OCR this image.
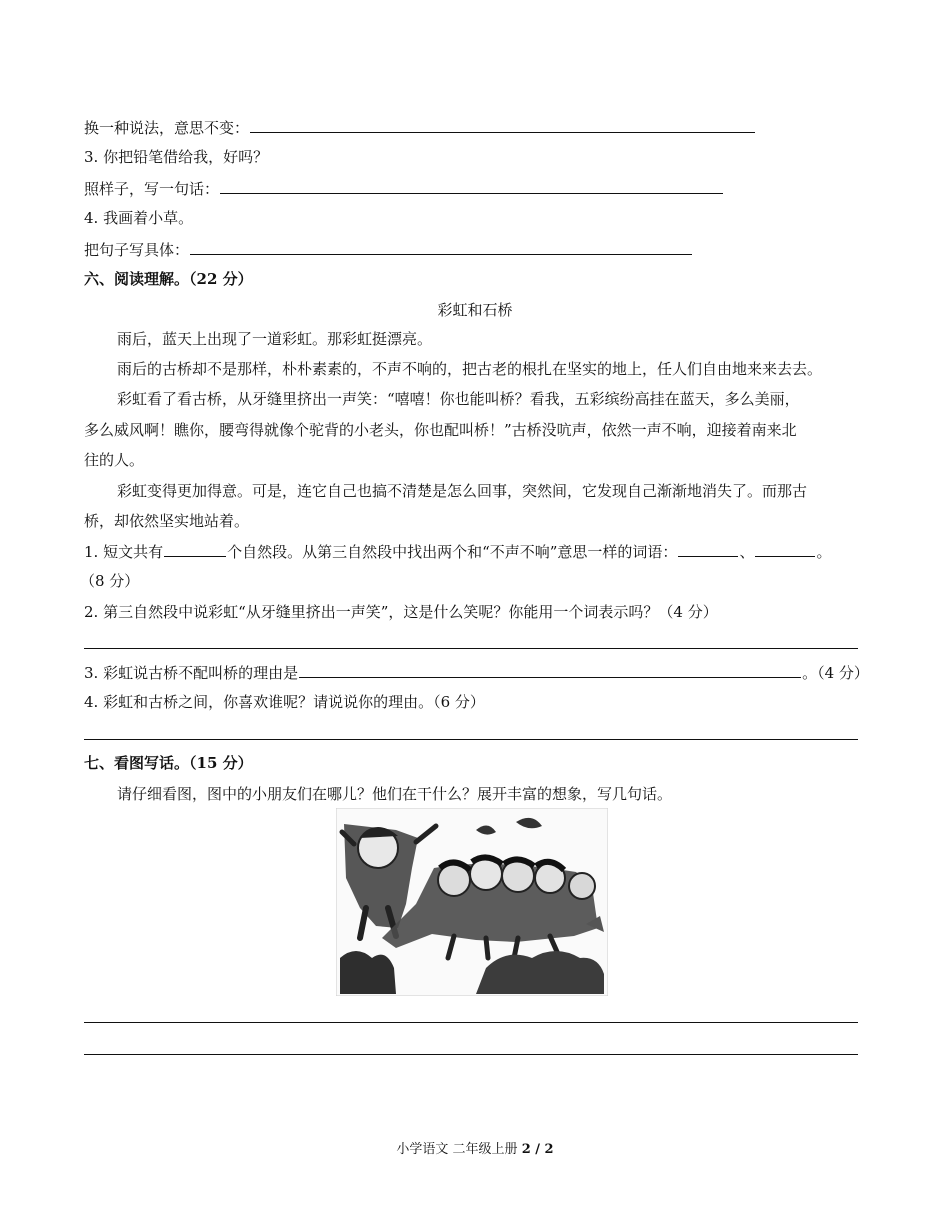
换一种说法，意思不变：
3. 你把铅笔借给我，好吗？
照样子，写一句话：
4. 我画着小草。
把句子写具体：
六、阅读理解。（22 分）
彩虹和石桥
雨后，蓝天上出现了一道彩虹。那彩虹挺漂亮。
雨后的古桥却不是那样，朴朴素素的，不声不响的，把古老的根扎在坚实的地上，任人们自由地来来去去。
彩虹看了看古桥，从牙缝里挤出一声笑：“嘻嘻！你也能叫桥？看我，五彩缤纷高挂在蓝天，多么美丽，
多么威风啊！瞧你，腰弯得就像个驼背的小老头，你也配叫桥！”古桥没吭声，依然一声不响，迎接着南来北
往的人。
彩虹变得更加得意。可是，连它自己也搞不清楚是怎么回事，突然间，它发现自己渐渐地消失了。而那古
桥，却依然坚实地站着。
1. 短文共有	个自然段。从第三自然段中找出两个和“不声不响”意思一样的词语：	、	。
（8 分）
2. 第三自然段中说彩虹“从牙缝里挤出一声笑”，这是什么笑呢？你能用一个词表示吗？（4 分）
3. 彩虹说古桥不配叫桥的理由是	。（4 分）
4. 彩虹和古桥之间，你喜欢谁呢？请说说你的理由。（6 分）
七、看图写话。（15 分）
请仔细看图，图中的小朋友们在哪儿？他们在干什么？展开丰富的想象，写几句话。
小学语文 二年级上册 2 / 2
